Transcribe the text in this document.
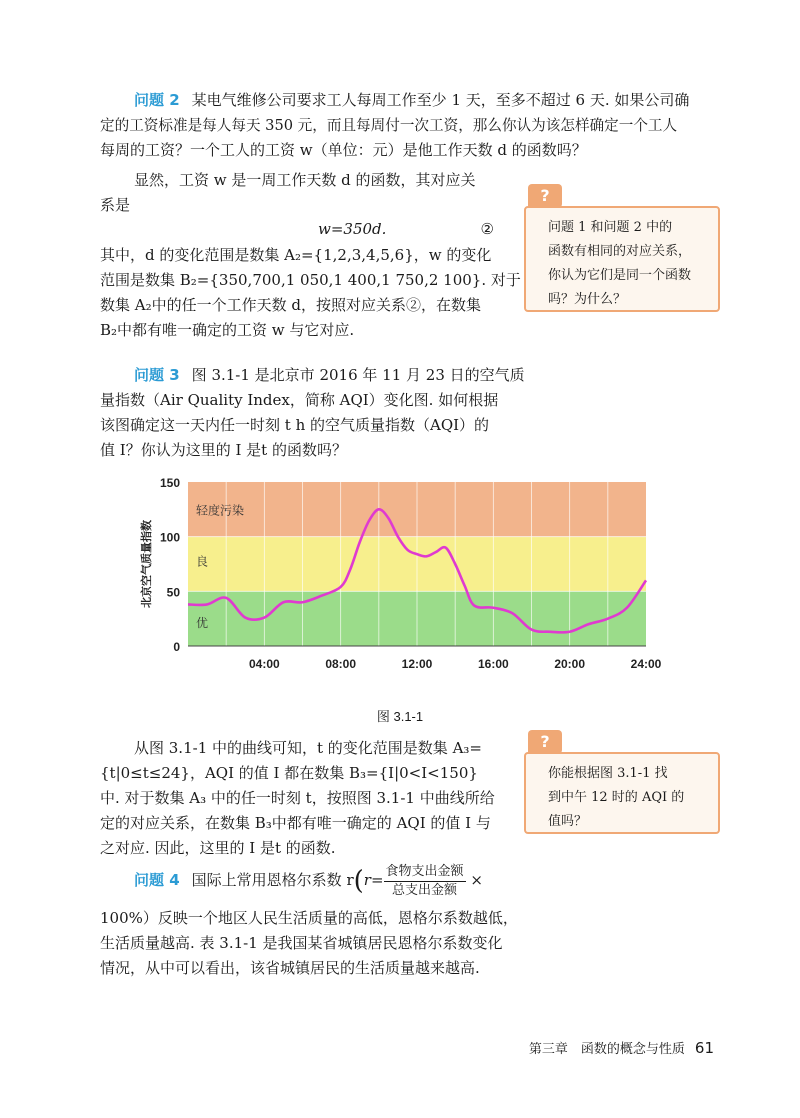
问题 2 某电气维修公司要求工人每周工作至少 1 天，至多不超过 6 天. 如果公司确
定的工资标准是每人每天 350 元，而且每周付一次工资，那么你认为该怎样确定一个工人
每周的工资？一个工人的工资 w（单位：元）是他工作天数 d 的函数吗？
显然，工资 w 是一周工作天数 d 的函数，其对应关
系是
w=350d.	②
其中，d 的变化范围是数集 A₂={1,2,3,4,5,6}，w 的变化
范围是数集 B₂={350,700,1 050,1 400,1 750,2 100}. 对于
数集 A₂中的任一个工作天数 d，按照对应关系②，在数集
B₂中都有唯一确定的工资 w 与它对应.
?
问题 1 和问题 2 中的
函数有相同的对应关系，
你认为它们是同一个函数
吗？为什么？
问题 3 图 3.1-1 是北京市 2016 年 11 月 23 日的空气质
量指数（Air Quality Index，简称 AQI）变化图. 如何根据
该图确定这一天内任一时刻 t h 的空气质量指数（AQI）的
值 I？你认为这里的 I 是t 的函数吗？
轻度污染
良
优
0
50
100
150
04:00	08:00	12:00	16:00	20:00	24:00
北京空气质量指数
图 3.1-1
从图 3.1-1 中的曲线可知，t 的变化范围是数集 A₃=
{t|0≤t≤24}，AQI 的值 I 都在数集 B₃={I|0<I<150}
中. 对于数集 A₃ 中的任一时刻 t，按照图 3.1-1 中曲线所给
定的对应关系，在数集 B₃中都有唯一确定的 AQI 的值 I 与
之对应. 因此，这里的 I 是t 的函数.
?
你能根据图 3.1-1 找
到中午 12 时的 AQI 的
值吗？
问题 4 国际上常用恩格尔系数 $r(r= \frac{\text{食物支出金额}}{\text{总支出金额}}$ ×
100%）反映一个地区人民生活质量的高低，恩格尔系数越低，
生活质量越高. 表 3.1-1 是我国某省城镇居民恩格尔系数变化
情况，从中可以看出，该省城镇居民的生活质量越来越高.
第三章　函数的概念与性质 61
